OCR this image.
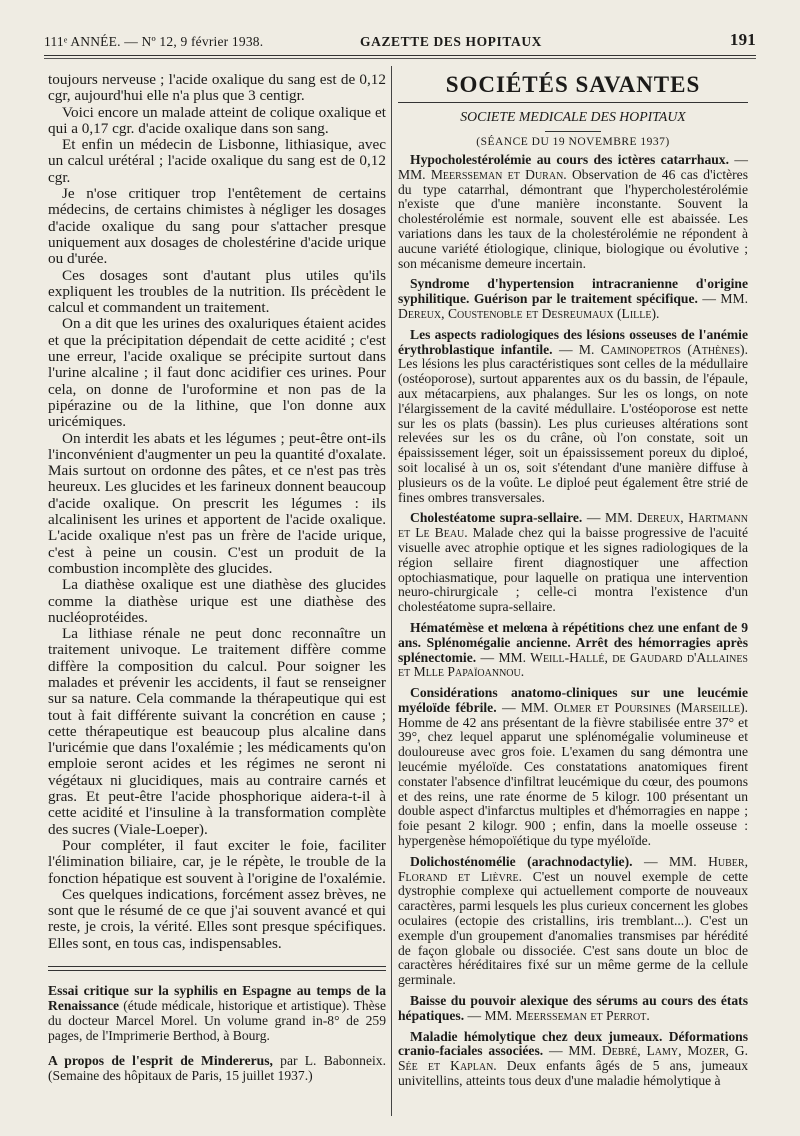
111ᵉ ANNÉE. — Nº 12, 9 février 1938.	GAZETTE DES HOPITAUX	191

toujours nerveuse ; l'acide oxalique du sang est de 0,12 cgr, aujourd'hui elle n'a plus que 3 centigr.

Voici encore un malade atteint de colique oxalique et qui a 0,17 cgr. d'acide oxalique dans son sang.

Et enfin un médecin de Lisbonne, lithiasique, avec un calcul urétéral ; l'acide oxalique du sang est de 0,12 cgr.

Je n'ose critiquer trop l'entêtement de certains médecins, de certains chimistes à négliger les dosages d'acide oxalique du sang pour s'attacher presque uniquement aux dosages de cholestérine d'acide urique ou d'urée.

Ces dosages sont d'autant plus utiles qu'ils expliquent les troubles de la nutrition. Ils précèdent le calcul et commandent un traitement.

On a dit que les urines des oxaluriques étaient acides et que la précipitation dépendait de cette acidité ; c'est une erreur, l'acide oxalique se précipite surtout dans l'urine alcaline ; il faut donc acidifier ces urines. Pour cela, on donne de l'uroformine et non pas de la pipérazine ou de la lithine, que l'on donne aux uricémiques.

On interdit les abats et les légumes ; peut-être ont-ils l'inconvénient d'augmenter un peu la quantité d'oxalate. Mais surtout on ordonne des pâtes, et ce n'est pas très heureux. Les glucides et les farineux donnent beaucoup d'acide oxalique. On prescrit les légumes : ils alcalinisent les urines et apportent de l'acide oxalique. L'acide oxalique n'est pas un frère de l'acide urique, c'est à peine un cousin. C'est un produit de la combustion incomplète des glucides.

La diathèse oxalique est une diathèse des glucides comme la diathèse urique est une diathèse des nucléoprotéides.

La lithiase rénale ne peut donc reconnaître un traitement univoque. Le traitement diffère comme diffère la composition du calcul. Pour soigner les malades et prévenir les accidents, il faut se renseigner sur sa nature. Cela commande la thérapeutique qui est tout à fait différente suivant la concrétion en cause ; cette thérapeutique est beaucoup plus alcaline dans l'uricémie que dans l'oxalémie ; les médicaments qu'on emploie seront acides et les régimes ne seront ni végétaux ni glucidiques, mais au contraire carnés et gras. Et peut-être l'acide phosphorique aidera-t-il à cette acidité et l'insuline à la transformation complète des sucres (Viale-Loeper).

Pour compléter, il faut exciter le foie, faciliter l'élimination biliaire, car, je le répète, le trouble de la fonction hépatique est souvent à l'origine de l'oxalémie.

Ces quelques indications, forcément assez brèves, ne sont que le résumé de ce que j'ai souvent avancé et qui reste, je crois, la vérité. Elles sont presque spécifiques. Elles sont, en tous cas, indispensables.

Essai critique sur la syphilis en Espagne au temps de la Renaissance (étude médicale, historique et artistique). Thèse du docteur Marcel Morel. Un volume grand in-8° de 259 pages, de l'Imprimerie Berthod, à Bourg.

A propos de l'esprit de Mindererus, par L. Babonneix. (Semaine des hôpitaux de Paris, 15 juillet 1937.)

SOCIÉTÉS SAVANTES
SOCIETE MEDICALE DES HOPITAUX
(SÉANCE DU 19 NOVEMBRE 1937)

Hypocholestérolémie au cours des ictères catarrhaux. — MM. Meersseman et Duran. Observation de 46 cas d'ictères du type catarrhal, démontrant que l'hypercholestérolémie n'existe que d'une manière inconstante. Souvent la cholestérolémie est normale, souvent elle est abaissée. Les variations dans les taux de la cholestérolémie ne répondent à aucune variété étiologique, clinique, biologique ou évolutive ; son mécanisme demeure incertain.

Syndrome d'hypertension intracranienne d'origine syphilitique. Guérison par le traitement spécifique. — MM. Dereux, Coustenoble et Desreumaux (Lille).

Les aspects radiologiques des lésions osseuses de l'anémie érythroblastique infantile. — M. Caminopetros (Athènes). Les lésions les plus caractéristiques sont celles de la médullaire (ostéoporose), surtout apparentes aux os du bassin, de l'épaule, aux métacarpiens, aux phalanges. Sur les os longs, on note l'élargissement de la cavité médullaire. L'ostéoporose est nette sur les os plats (bassin). Les plus curieuses altérations sont relevées sur les os du crâne, où l'on constate, soit un épaississement léger, soit un épaississement poreux du diploé, soit localisé à un os, soit s'étendant d'une manière diffuse à plusieurs os de la voûte. Le diploé peut également être strié de fines ombres transversales.

Cholestéatome supra-sellaire. — MM. Dereux, Hartmann et Le Beau. Malade chez qui la baisse progressive de l'acuité visuelle avec atrophie optique et les signes radiologiques de la région sellaire firent diagnostiquer une affection optochiasmatique, pour laquelle on pratiqua une intervention neuro-chirurgicale ; celle-ci montra l'existence d'un cholestéatome supra-sellaire.

Hématémèse et melœna à répétitions chez une enfant de 9 ans. Splénomégalie ancienne. Arrêt des hémorragies après splénectomie. — MM. Weill-Hallé, de Gaudard d'Allaines et Mlle Papaïoannou.

Considérations anatomo-cliniques sur une leucémie myéloïde fébrile. — MM. Olmer et Poursines (Marseille). Homme de 42 ans présentant de la fièvre stabilisée entre 37° et 39°, chez lequel apparut une splénomégalie volumineuse et douloureuse avec gros foie. L'examen du sang démontra une leucémie myéloïde. Ces constatations anatomiques firent constater l'absence d'infiltrat leucémique du cœur, des poumons et des reins, une rate énorme de 5 kilogr. 100 présentant un double aspect d'infarctus multiples et d'hémorragies en nappe ; foie pesant 2 kilogr. 900 ; enfin, dans la moelle osseuse : hypergenèse hémopoïétique du type myéloïde.

Dolichosténomélie (arachnodactylie). — MM. Huber, Florand et Lièvre. C'est un nouvel exemple de cette dystrophie complexe qui actuellement comporte de nouveaux caractères, parmi lesquels les plus curieux concernent les globes oculaires (ectopie des cristallins, iris tremblant...). C'est un exemple d'un groupement d'anomalies transmises par hérédité de façon globale ou dissociée. C'est sans doute un bloc de caractères héréditaires fixé sur un même germe de la cellule germinale.

Baisse du pouvoir alexique des sérums au cours des états hépatiques. — MM. Meersseman et Perrot.

Maladie hémolytique chez deux jumeaux. Déformations cranio-faciales associées. — MM. Debré, Lamy, Mozer, G. Sée et Kaplan. Deux enfants âgés de 5 ans, jumeaux univitellins, atteints tous deux d'une maladie hémolytique à
